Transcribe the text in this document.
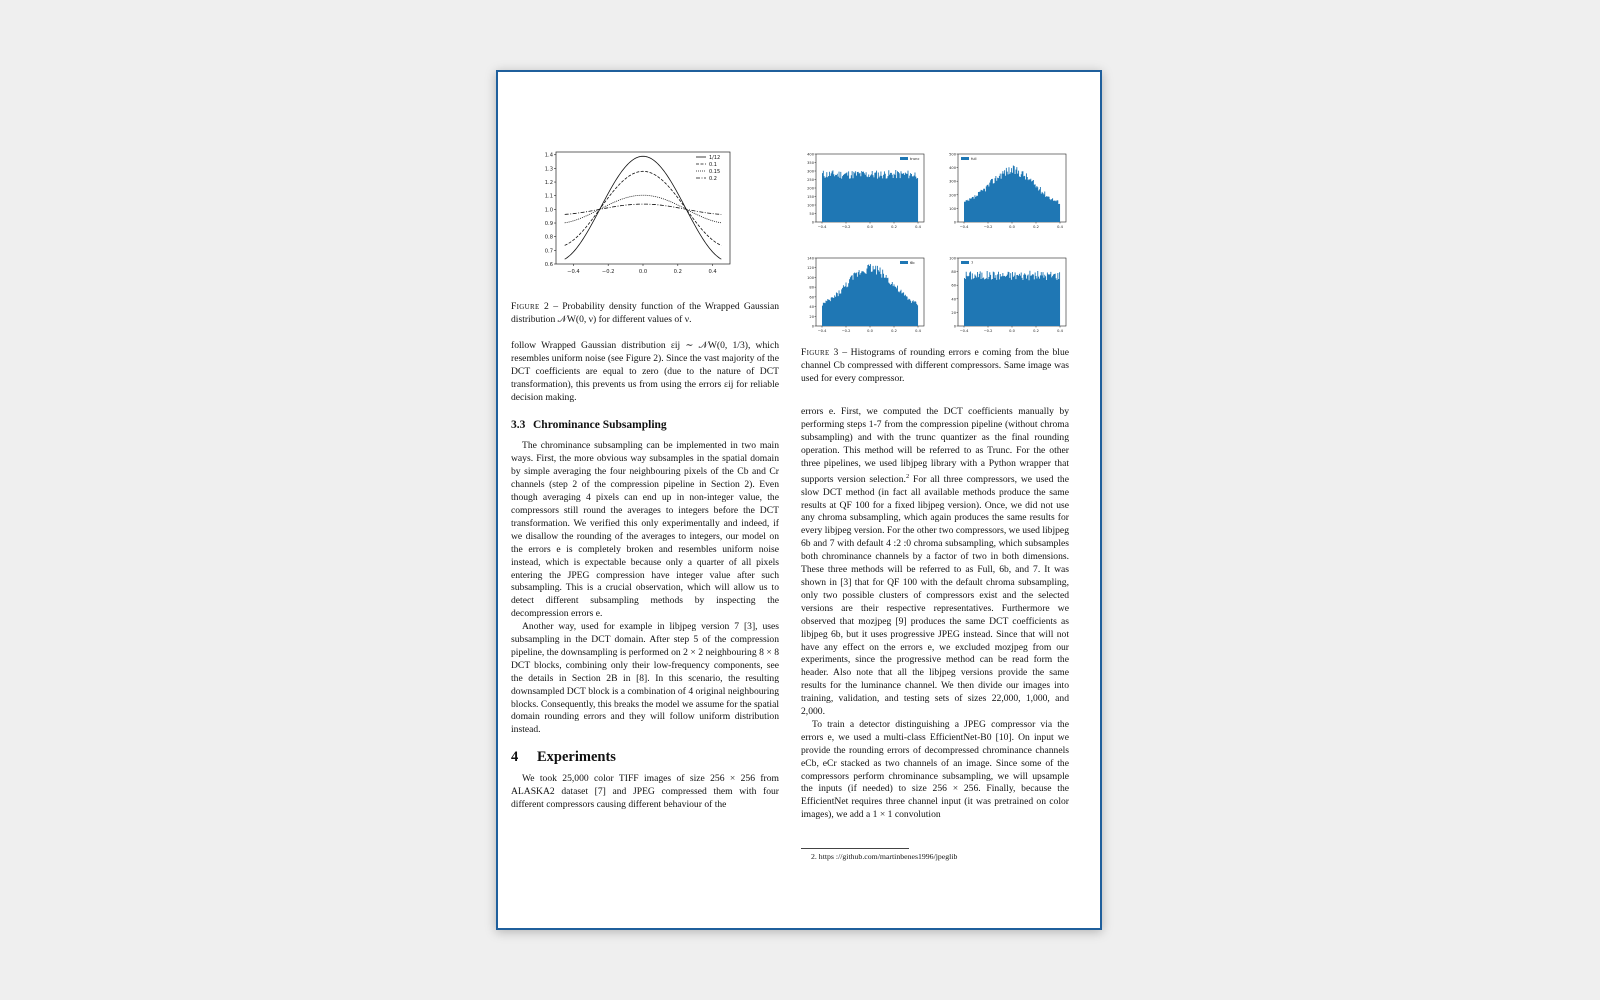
0.6
0.7
0.8
0.9
1.0
1.1
1.2
1.3
1.4
−0.4	−0.2	0.0	0.2	0.4
1/12
0.1
0.15
0.2
Figure 2 – Probability density function of the Wrapped Gaussian distribution 𝒩W(0, ν) for different values of ν.
0
50
100
150
200
250
300
350
400
−0.4	−0.2	0.0	0.2	0.4
trunc
0
100
200
300
400
500
−0.4	−0.2	0.0	0.2	0.4
full
0
20
40
60
80
100
120
140
−0.4	−0.2	0.0	0.2	0.4
6b
0
20
40
60
80
100
−0.4	−0.2	0.0	0.2	0.4
7
Figure 3 – Histograms of rounding errors e coming from the blue channel Cb compressed with different compressors. Same image was used for every compressor.

follow Wrapped Gaussian distribution εij ∼ 𝒩W(0, 1/3), which resembles uniform noise (see Figure 2). Since the vast majority of the DCT coefficients are equal to zero (due to the nature of DCT transformation), this prevents us from using the errors εij for reliable decision making.

3.3 Chrominance Subsampling

The chrominance subsampling can be implemented in two main ways. First, the more obvious way subsamples in the spatial domain by simple averaging the four neighbouring pixels of the Cb and Cr channels (step 2 of the compression pipeline in Section 2). Even though averaging 4 pixels can end up in non-integer value, the compressors still round the averages to integers before the DCT transformation. We verified this only experimentally and indeed, if we disallow the rounding of the averages to integers, our model on the errors e is completely broken and resembles uniform noise instead, which is expectable because only a quarter of all pixels entering the JPEG compression have integer value after such subsampling. This is a crucial observation, which will allow us to detect different subsampling methods by inspecting the decompression errors e.

Another way, used for example in libjpeg version 7 [3], uses subsampling in the DCT domain. After step 5 of the compression pipeline, the downsampling is performed on 2 × 2 neighbouring 8 × 8 DCT blocks, combining only their low-frequency components, see the details in Section 2B in [8]. In this scenario, the resulting downsampled DCT block is a combination of 4 original neighbouring blocks. Consequently, this breaks the model we assume for the spatial domain rounding errors and they will follow uniform distribution instead.

4 Experiments

We took 25,000 color TIFF images of size 256 × 256 from ALASKA2 dataset [7] and JPEG compressed them with four different compressors causing different behaviour of the

errors e. First, we computed the DCT coefficients manually by performing steps 1-7 from the compression pipeline (without chroma subsampling) and with the trunc quantizer as the final rounding operation. This method will be referred to as Trunc. For the other three pipelines, we used libjpeg library with a Python wrapper that supports version selection.$^2$ For all three compressors, we used the slow DCT method (in fact all available methods produce the same results at QF 100 for a fixed libjpeg version). Once, we did not use any chroma subsampling, which again produces the same results for every libjpeg version. For the other two compressors, we used libjpeg 6b and 7 with default 4 :2 :0 chroma subsampling, which subsamples both chrominance channels by a factor of two in both dimensions. These three methods will be referred to as Full, 6b, and 7. It was shown in [3] that for QF 100 with the default chroma subsampling, only two possible clusters of compressors exist and the selected versions are their respective representatives. Furthermore we observed that mozjpeg [9] produces the same DCT coefficients as libjpeg 6b, but it uses progressive JPEG instead. Since that will not have any effect on the errors e, we excluded mozjpeg from our experiments, since the progressive method can be read form the header. Also note that all the libjpeg versions provide the same results for the luminance channel. We then divide our images into training, validation, and testing sets of sizes 22,000, 1,000, and 2,000.

To train a detector distinguishing a JPEG compressor via the errors e, we used a multi-class EfficientNet-B0 [10]. On input we provide the rounding errors of decompressed chrominance channels eCb, eCr stacked as two channels of an image. Since some of the compressors perform chrominance subsampling, we will upsample the inputs (if needed) to size 256 × 256. Finally, because the EfficientNet requires three channel input (it was pretrained on color images), we add a 1 × 1 convolution

2. https ://github.com/martinbenes1996/jpeglib
